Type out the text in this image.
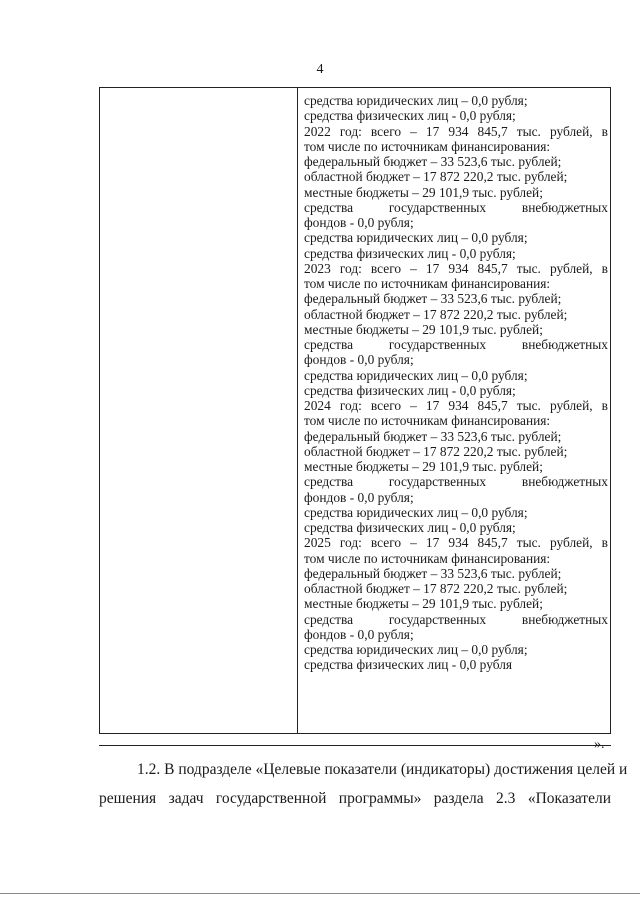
4
средства юридических лиц – 0,0 рубля;
средства физических лиц - 0,0 рубля;
2022 год: всего – 17 934 845,7 тыс. рублей, в
том числе по источникам финансирования:
федеральный бюджет – 33 523,6 тыс. рублей;
областной бюджет – 17 872 220,2 тыс. рублей;
местные бюджеты – 29 101,9 тыс. рублей;
средства государственных внебюджетных
фондов - 0,0 рубля;
средства юридических лиц – 0,0 рубля;
средства физических лиц - 0,0 рубля;
2023 год: всего – 17 934 845,7 тыс. рублей, в
том числе по источникам финансирования:
федеральный бюджет – 33 523,6 тыс. рублей;
областной бюджет – 17 872 220,2 тыс. рублей;
местные бюджеты – 29 101,9 тыс. рублей;
средства государственных внебюджетных
фондов - 0,0 рубля;
средства юридических лиц – 0,0 рубля;
средства физических лиц - 0,0 рубля;
2024 год: всего – 17 934 845,7 тыс. рублей, в
том числе по источникам финансирования:
федеральный бюджет – 33 523,6 тыс. рублей;
областной бюджет – 17 872 220,2 тыс. рублей;
местные бюджеты – 29 101,9 тыс. рублей;
средства государственных внебюджетных
фондов - 0,0 рубля;
средства юридических лиц – 0,0 рубля;
средства физических лиц - 0,0 рубля;
2025 год: всего – 17 934 845,7 тыс. рублей, в
том числе по источникам финансирования:
федеральный бюджет – 33 523,6 тыс. рублей;
областной бюджет – 17 872 220,2 тыс. рублей;
местные бюджеты – 29 101,9 тыс. рублей;
средства государственных внебюджетных
фондов - 0,0 рубля;
средства юридических лиц – 0,0 рубля;
средства физических лиц - 0,0 рубля
».
1.2. В подразделе «Целевые показатели (индикаторы) достижения целей и
решения задач государственной программы» раздела 2.3 «Показатели
